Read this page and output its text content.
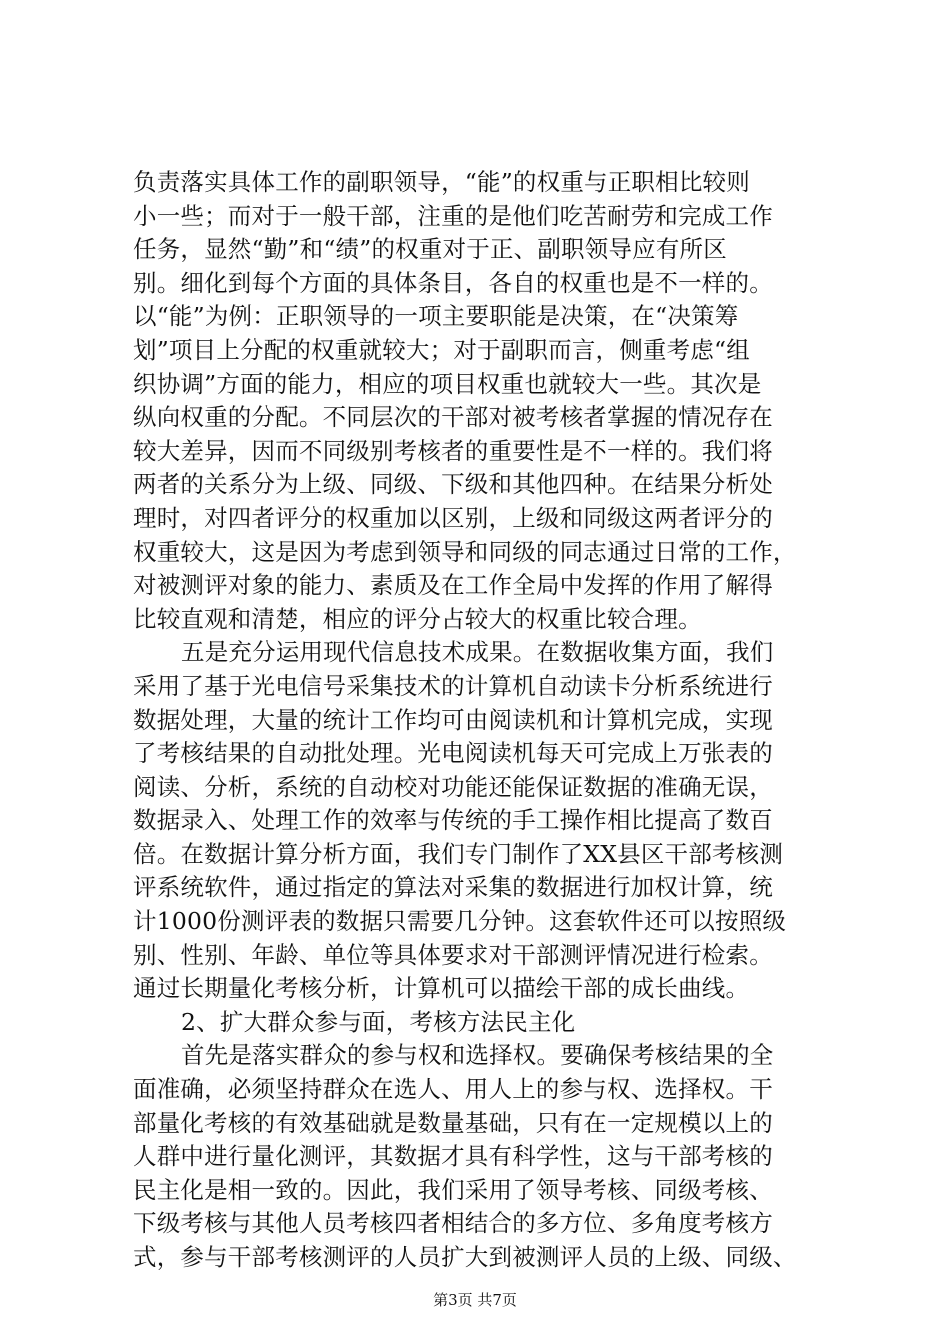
负责落实具体工作的副职领导，“能”的权重与正职相比较则
小一些；而对于一般干部，注重的是他们吃苦耐劳和完成工作
任务，显然“勤”和“绩”的权重对于正、副职领导应有所区
别。细化到每个方面的具体条目，各自的权重也是不一样的。
以“能”为例：正职领导的一项主要职能是决策，在“决策筹
划”项目上分配的权重就较大；对于副职而言，侧重考虑“组
织协调”方面的能力，相应的项目权重也就较大一些。其次是
纵向权重的分配。不同层次的干部对被考核者掌握的情况存在
较大差异，因而不同级别考核者的重要性是不一样的。我们将
两者的关系分为上级、同级、下级和其他四种。在结果分析处
理时，对四者评分的权重加以区别，上级和同级这两者评分的
权重较大，这是因为考虑到领导和同级的同志通过日常的工作，
对被测评对象的能力、素质及在工作全局中发挥的作用了解得
比较直观和清楚，相应的评分占较大的权重比较合理。
五是充分运用现代信息技术成果。在数据收集方面，我们
采用了基于光电信号采集技术的计算机自动读卡分析系统进行
数据处理，大量的统计工作均可由阅读机和计算机完成，实现
了考核结果的自动批处理。光电阅读机每天可完成上万张表的
阅读、分析，系统的自动校对功能还能保证数据的准确无误，
数据录入、处理工作的效率与传统的手工操作相比提高了数百
倍。在数据计算分析方面，我们专门制作了XX县区干部考核测
评系统软件，通过指定的算法对采集的数据进行加权计算，统
计1000份测评表的数据只需要几分钟。这套软件还可以按照级
别、性别、年龄、单位等具体要求对干部测评情况进行检索。
通过长期量化考核分析，计算机可以描绘干部的成长曲线。
2、扩大群众参与面，考核方法民主化
首先是落实群众的参与权和选择权。要确保考核结果的全
面准确，必须坚持群众在选人、用人上的参与权、选择权。干
部量化考核的有效基础就是数量基础，只有在一定规模以上的
人群中进行量化测评，其数据才具有科学性，这与干部考核的
民主化是相一致的。因此，我们采用了领导考核、同级考核、
下级考核与其他人员考核四者相结合的多方位、多角度考核方
式，参与干部考核测评的人员扩大到被测评人员的上级、同级、
第3页 共7页
